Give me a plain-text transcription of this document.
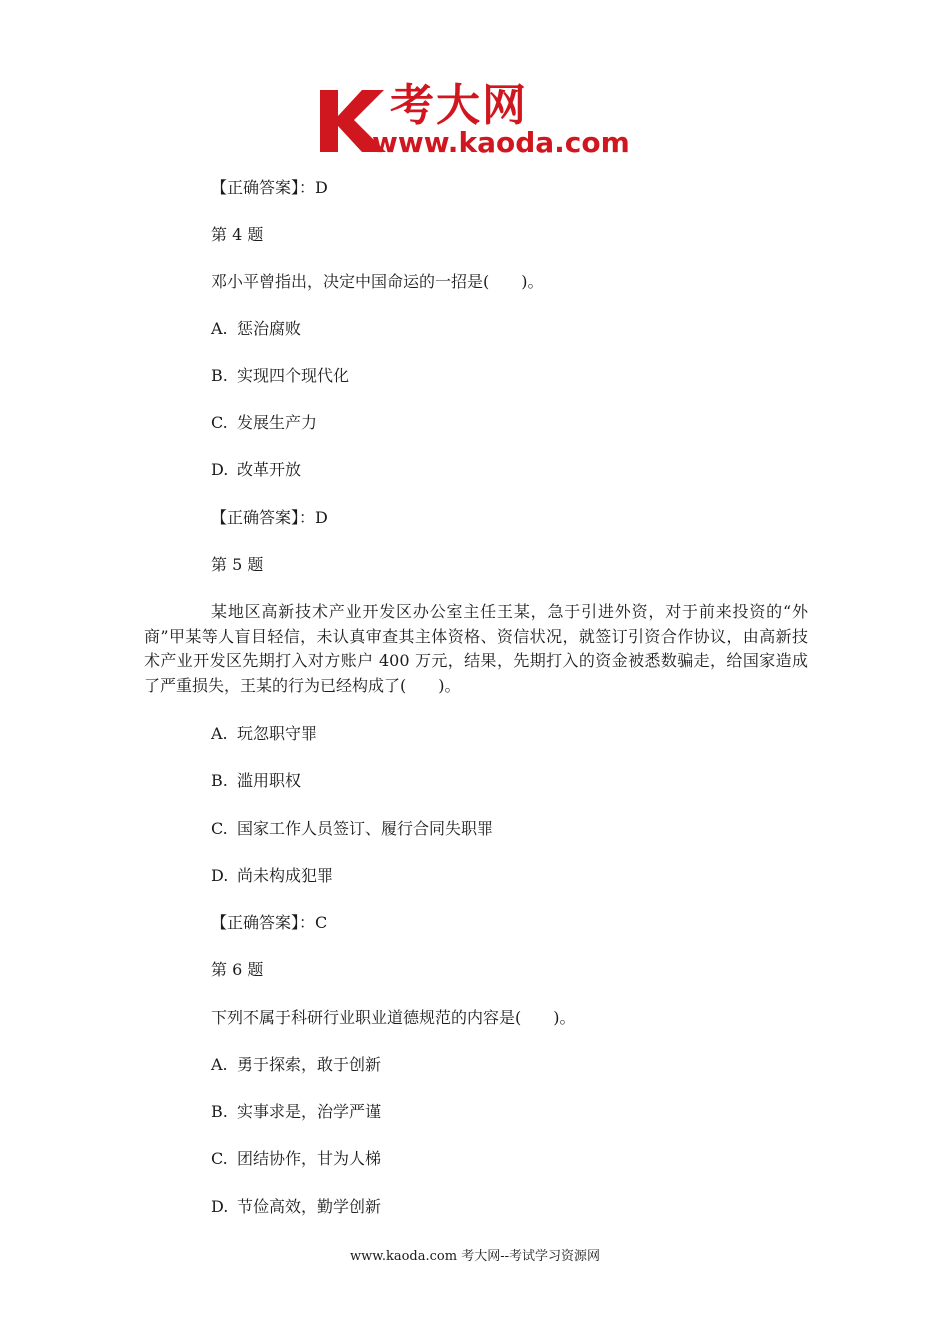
考大网
www.kaoda.com
【正确答案】：D
第 4 题
邓小平曾指出，决定中国命运的一招是(　　)。
A. 惩治腐败
B. 实现四个现代化
C. 发展生产力
D. 改革开放
【正确答案】：D
第 5 题
某地区高新技术产业开发区办公室主任王某，急于引进外资，对于前来投资的“外商”甲某等人盲目轻信，未认真审查其主体资格、资信状况，就签订引资合作协议，由高新技术产业开发区先期打入对方账户 400 万元，结果，先期打入的资金被悉数骗走，给国家造成了严重损失，王某的行为已经构成了(　　)。
A. 玩忽职守罪
B. 滥用职权
C. 国家工作人员签订、履行合同失职罪
D. 尚未构成犯罪
【正确答案】：C
第 6 题
下列不属于科研行业职业道德规范的内容是(　　)。
A. 勇于探索，敢于创新
B. 实事求是，治学严谨
C. 团结协作，甘为人梯
D. 节俭高效，勤学创新
www.kaoda.com 考大网--考试学习资源网
